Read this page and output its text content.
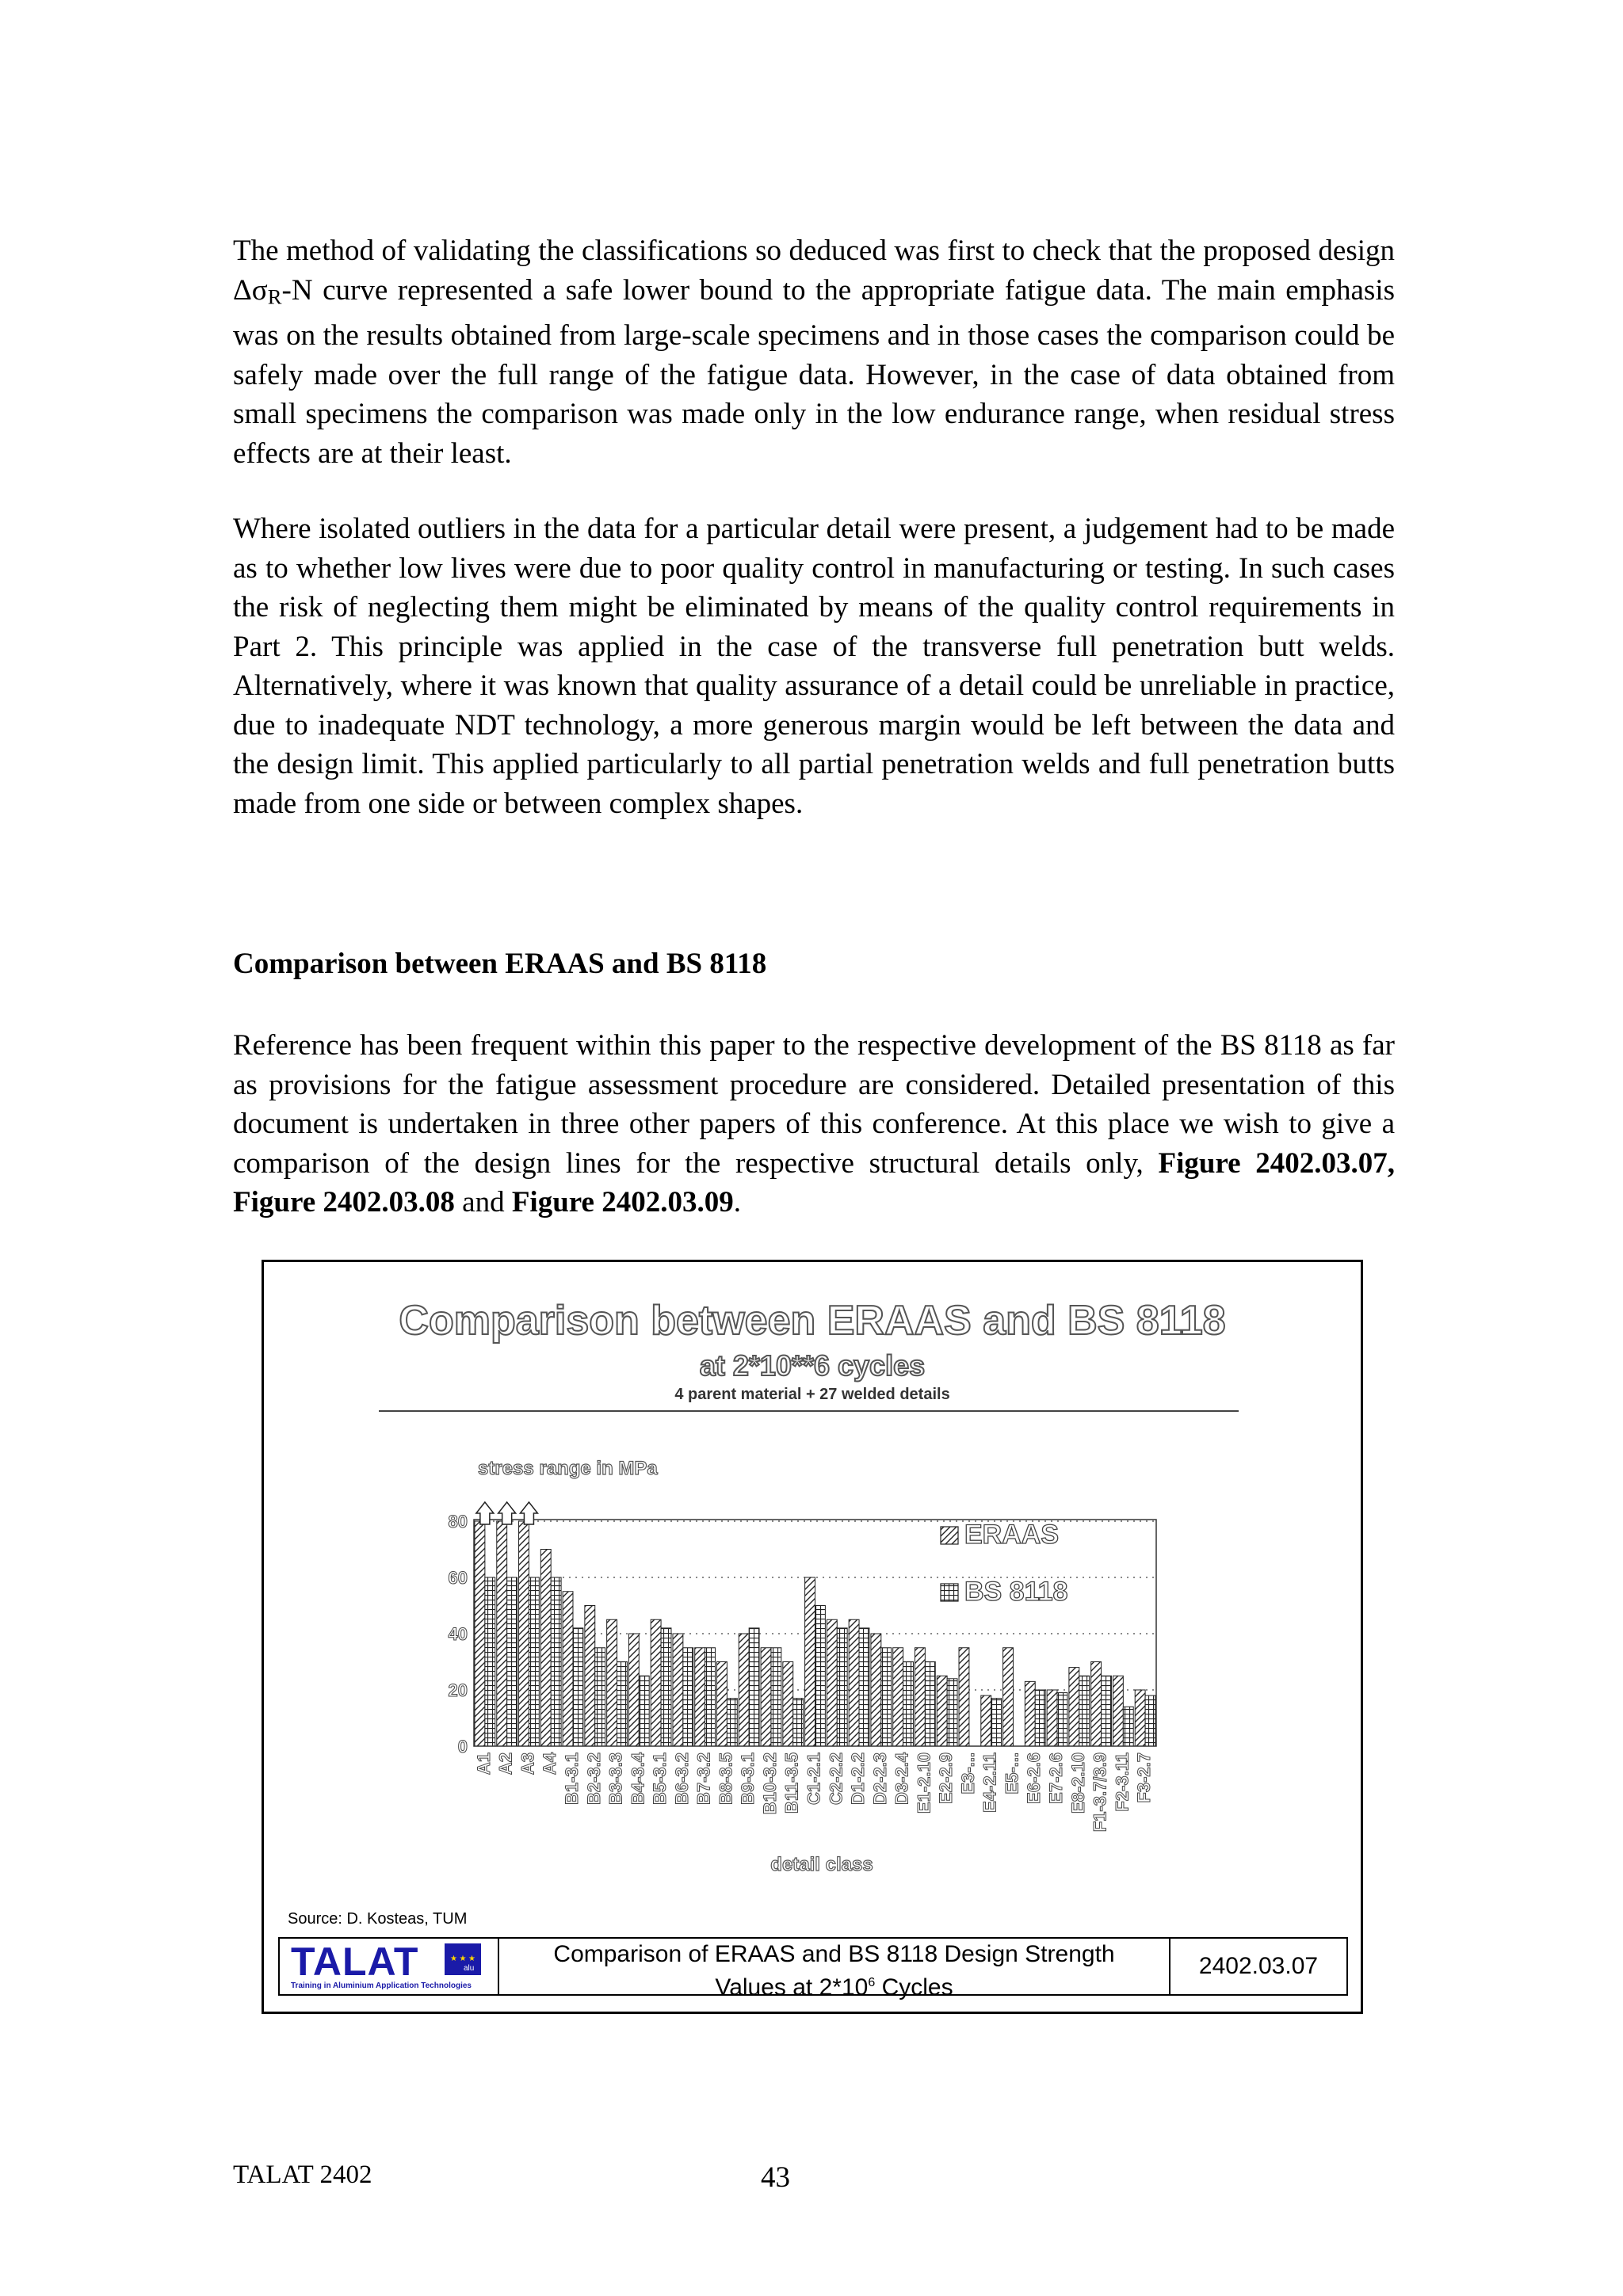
The method of validating the classifications so deduced was first to check that the proposed design ΔσR-N curve represented a safe lower bound to the appropriate fatigue data. The main emphasis was on the results obtained from large-scale specimens and in those cases the comparison could be safely made over the full range of the fatigue data. However, in the case of data obtained from small specimens the comparison was made only in the low endurance range, when residual stress effects are at their least.
Where isolated outliers in the data for a particular detail were present, a judgement had to be made as to whether low lives were due to poor quality control in manufacturing or testing. In such cases the risk of neglecting them might be eliminated by means of the quality control requirements in Part 2. This principle was applied in the case of the transverse full penetration butt welds. Alternatively, where it was known that quality assurance of a detail could be unreliable in practice, due to inadequate NDT technology, a more generous margin would be left between the data and the design limit. This applied particularly to all partial penetration welds and full penetration butts made from one side or between complex shapes.
Comparison between ERAAS and BS 8118
Reference has been frequent within this paper to the respective development of the BS 8118 as far as provisions for the fatigue assessment procedure are considered. Detailed presentation of this document is undertaken in three other papers of this conference. At this place we wish to give a comparison of the design lines for the respective structural details only, Figure 2402.03.07, Figure 2402.03.08 and Figure 2402.03.09.
Comparison between ERAAS and BS 8118
at 2*10**6 cycles
4 parent material + 27 welded details
0
20
40
60
80
A1 A2 A3 A4 B1-3.1 B2-3.2 B3-3.3 B4-3.4 B5-3.1 B6-3.2 B7-3.2 B8-3.5 B9-3.1 B10-3.2 B11-3.5 C1-2.1 C2-2.2 D1-2.2 D2-2.3 D3-2.4 E1-2.10 E2-2.9 E3-... E4-2.11 E5-... E6-2.6 E7-2.6 E8-2.10 F1-3.7/3.9 F2-3.11 F3-2.7
ERAAS
BS 8118
stress range in MPa
detail class
Source: D. Kosteas, TUM
TALAT	★ ★ ★
alu
Training in Aluminium Application Technologies
Comparison of ERAAS and BS 8118 Design Strength
Values at $2*10^6$ Cycles
2402.03.07
TALAT 2402	43
